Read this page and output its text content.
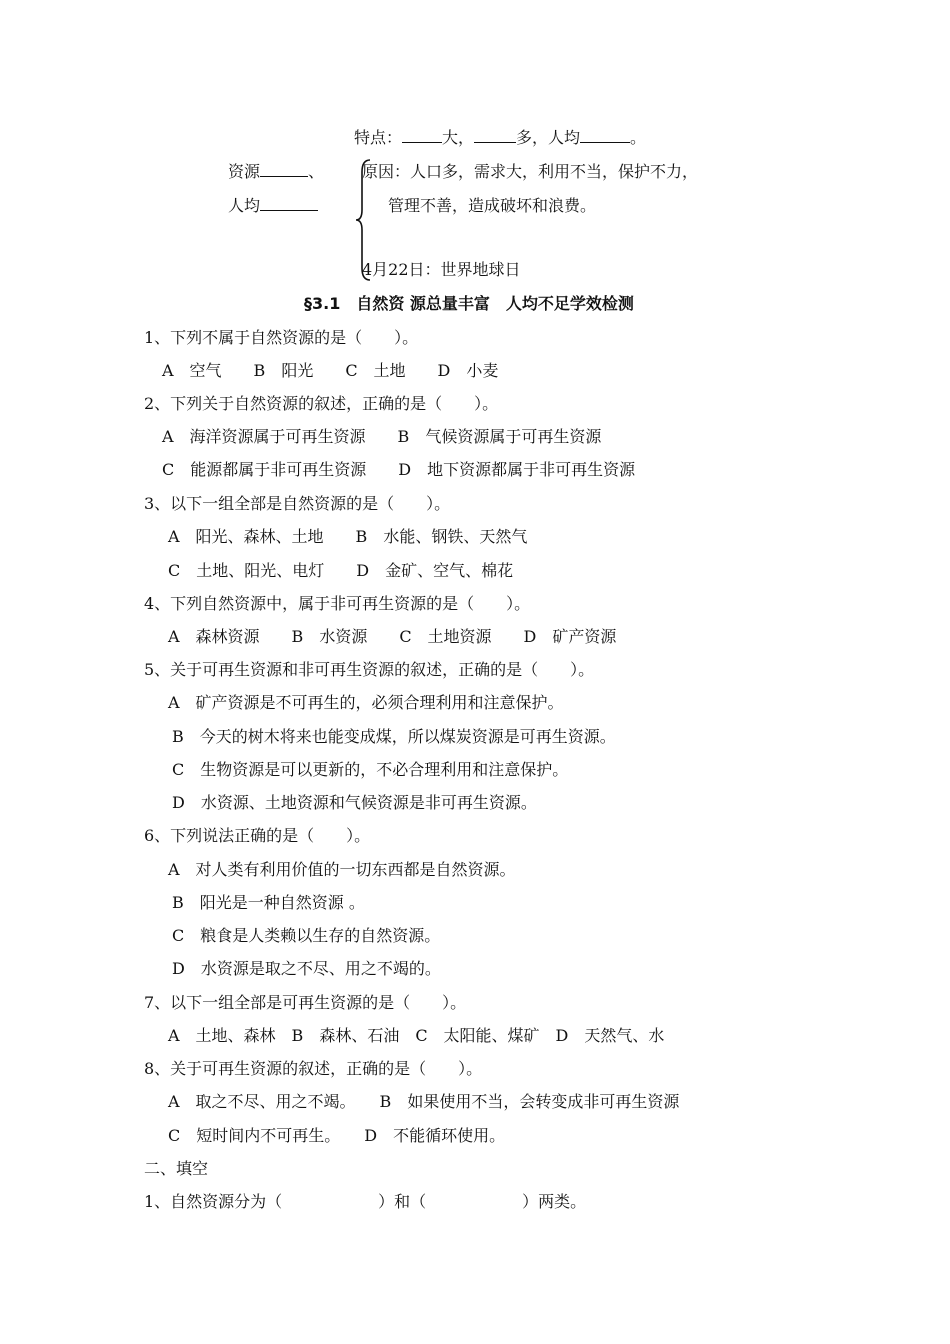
特点：	大，	多，人均	。
资源	、
人均
原因：人口多，需求大，利用不当，保护不力，
管理不善，造成破坏和浪费。
4月22日：世界地球日
§3.1　自然资 源总量丰富　人均不足学效检测
1、下列不属于自然资源的是（　　）。
A　空气　　B　阳光　　C　土地　　D　小麦
2、下列关于自然资源的叙述，正确的是（　　）。
A　海洋资源属于可再生资源　　B　气候资源属于可再生资源
C　能源都属于非可再生资源　　D　地下资源都属于非可再生资源
3、以下一组全部是自然资源的是（　　）。
A　阳光、森林、土地　　B　水能、钢铁、天然气
C　土地、阳光、电灯　　D　金矿、空气、棉花
4、下列自然资源中，属于非可再生资源的是（　　）。
A　森林资源　　B　水资源　　C　土地资源　　D　矿产资源
5、关于可再生资源和非可再生资源的叙述，正确的是（　　）。
A　矿产资源是不可再生的，必须合理利用和注意保护。
B　今天的树木将来也能变成煤，所以煤炭资源是可再生资源。
C　生物资源是可以更新的，不必合理利用和注意保护。
D　水资源、土地资源和气候资源是非可再生资源。
6、下列说法正确的是（　　）。
A　对人类有利用价值的一切东西都是自然资源。
B　阳光是一种自然资源 。
C　粮食是人类赖以生存的自然资源。
D　水资源是取之不尽、用之不竭的。
7、以下一组全部是可再生资源的是（　　）。
A　土地、森林　B　森林、石油　C　太阳能、煤矿　D　天然气、水
8、关于可再生资源的叙述，正确的是（　　）。
A　取之不尽、用之不竭。　　B　如果使用不当，会转变成非可再生资源
C　短时间内不可再生。　　D　不能循环使用。
二、填空
1、自然资源分为（　　　　　　）和（　　　　　　）两类。
